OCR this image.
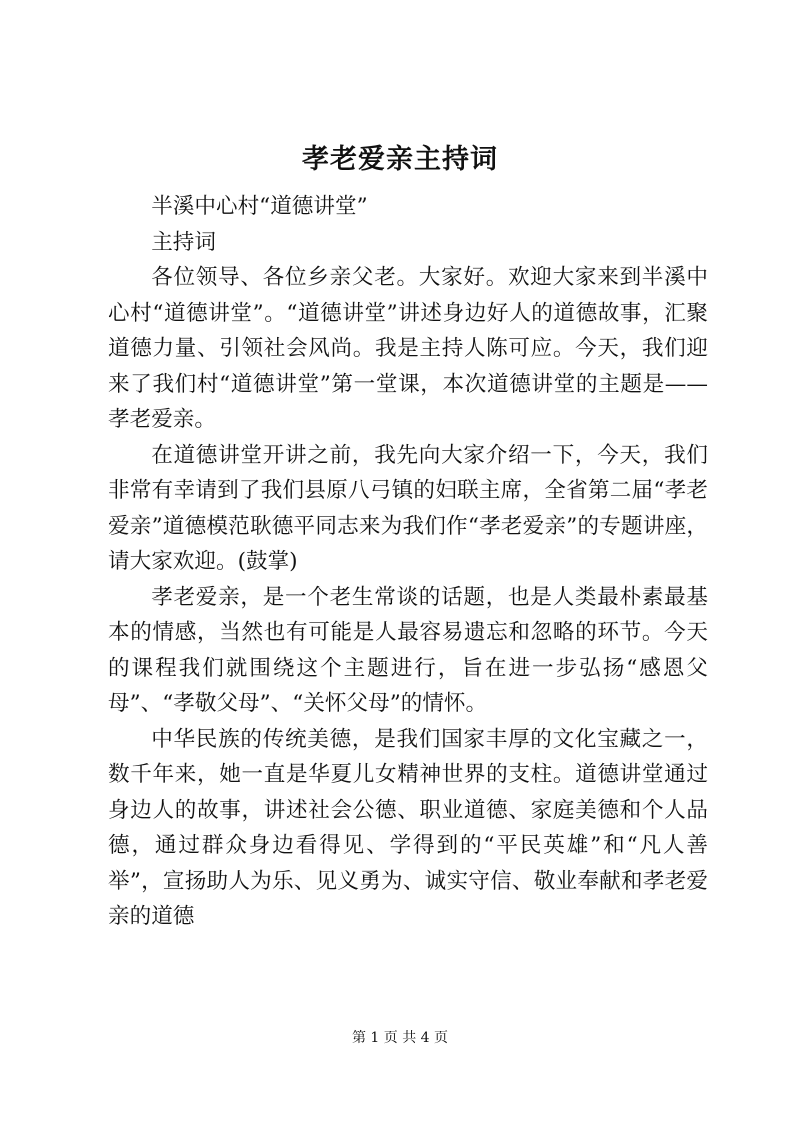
孝老爱亲主持词

半溪中心村“道德讲堂”

主持词

各位领导、各位乡亲父老。大家好。欢迎大家来到半溪中心村“道德讲堂”。“道德讲堂”讲述身边好人的道德故事，汇聚道德力量、引领社会风尚。我是主持人陈可应。今天，我们迎来了我们村“道德讲堂”第一堂课，本次道德讲堂的主题是——孝老爱亲。

在道德讲堂开讲之前，我先向大家介绍一下，今天，我们非常有幸请到了我们县原八弓镇的妇联主席，全省第二届“孝老爱亲”道德模范耿德平同志来为我们作“孝老爱亲”的专题讲座，请大家欢迎。(鼓掌)

孝老爱亲，是一个老生常谈的话题，也是人类最朴素最基本的情感，当然也有可能是人最容易遗忘和忽略的环节。今天的课程我们就围绕这个主题进行，旨在进一步弘扬“感恩父母”、“孝敬父母”、“关怀父母”的情怀。

中华民族的传统美德，是我们国家丰厚的文化宝藏之一，数千年来，她一直是华夏儿女精神世界的支柱。道德讲堂通过身边人的故事，讲述社会公德、职业道德、家庭美德和个人品德，通过群众身边看得见、学得到的“平民英雄”和“凡人善举”，宣扬助人为乐、见义勇为、诚实守信、敬业奉献和孝老爱亲的道德

第 1 页 共 4 页
